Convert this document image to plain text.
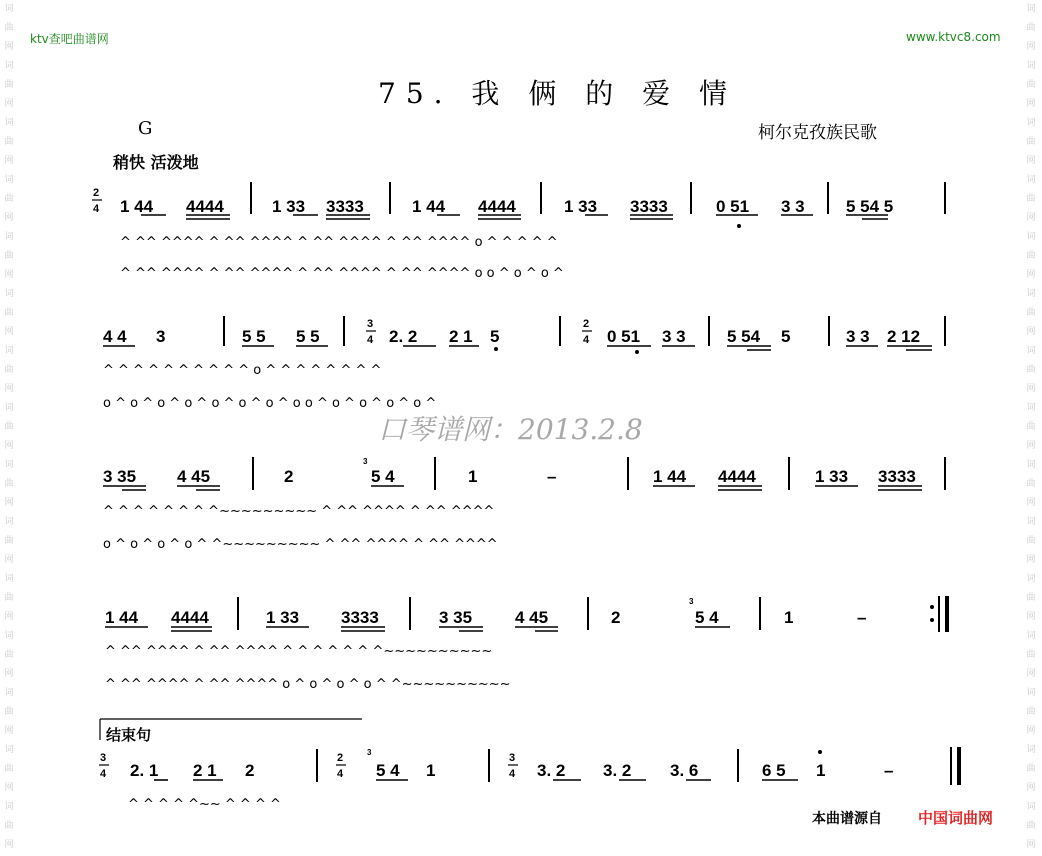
词
曲
网
词
曲
网
词
曲
网
词
曲
网
词
曲
网
词
曲
网
词
曲
网
词
曲
网
词
曲
网
词
曲
网
词
曲
网
词
曲
网
词
曲
网
词
曲
网
词
曲
网
词
曲
网
词
曲
网
词
曲
网
词
曲
网
词
曲
网
词
曲
网
词
曲
网
词
曲
网
词
曲
网
词
曲
网
词
曲
网
词
曲
网
词
曲
网
词
曲
网
词
曲
网
ktv查吧曲谱网	www.ktvc8.com
75. 我 俩 的 爱 情
G	柯尔克孜族民歌
稍快 活泼地
2
4
3
4
2
4
3
4
2
4
3
4
3
3
3
1 44 4444	1 33 3333	1 44 4444	1 33 3333	0 51 3 3 5 54 5
4 4 3	5 5 5 5	2. 2 2 1 5	0 51 3 3 5 54 5	3 3 2 12
3 35 4 45	2	5 4	1	–	1 44 4444	1 33 3333
1 44 4444	1 33 3333	3 35	4 45	2	5 4	1	–
2. 1 2 1 2	5 4 1	3. 2 3. 2 3. 6	6 5 1	–
^ ^^ ^^^^ ^ ^^ ^^^^ ^ ^^ ^^^^ ^ ^^ ^^^^ o ^ ^ ^ ^ ^
^ ^^ ^^^^ ^ ^^ ^^^^ ^ ^^ ^^^^ ^ ^^ ^^^^ o o ^ o ^ o ^
^ ^ ^ ^ ^ ^ ^ ^ ^ ^ o ^ ^ ^ ^ ^ ^ ^ ^
o ^ o ^ o ^ o ^ o ^ o ^ o ^ o o ^ o ^ o ^ o ^ o ^
^ ^ ^ ^ ^ ^ ^ ^~~~~~~~~~ ^ ^^ ^^^^ ^ ^^ ^^^^
o ^ o ^ o ^ o ^ ^~~~~~~~~~ ^ ^^ ^^^^ ^ ^^ ^^^^
^ ^^ ^^^^ ^ ^^ ^^^^ ^ ^ ^ ^ ^ ^ ^~~~~~~~~~~
^ ^^ ^^^^ ^ ^^ ^^^^ o ^ o ^ o ^ o ^ ^~~~~~~~~~~
^ ^ ^ ^ ^~~ ^ ^ ^ ^
口琴谱网：2013.2.8
结束句
本曲谱源自 中国词曲网
